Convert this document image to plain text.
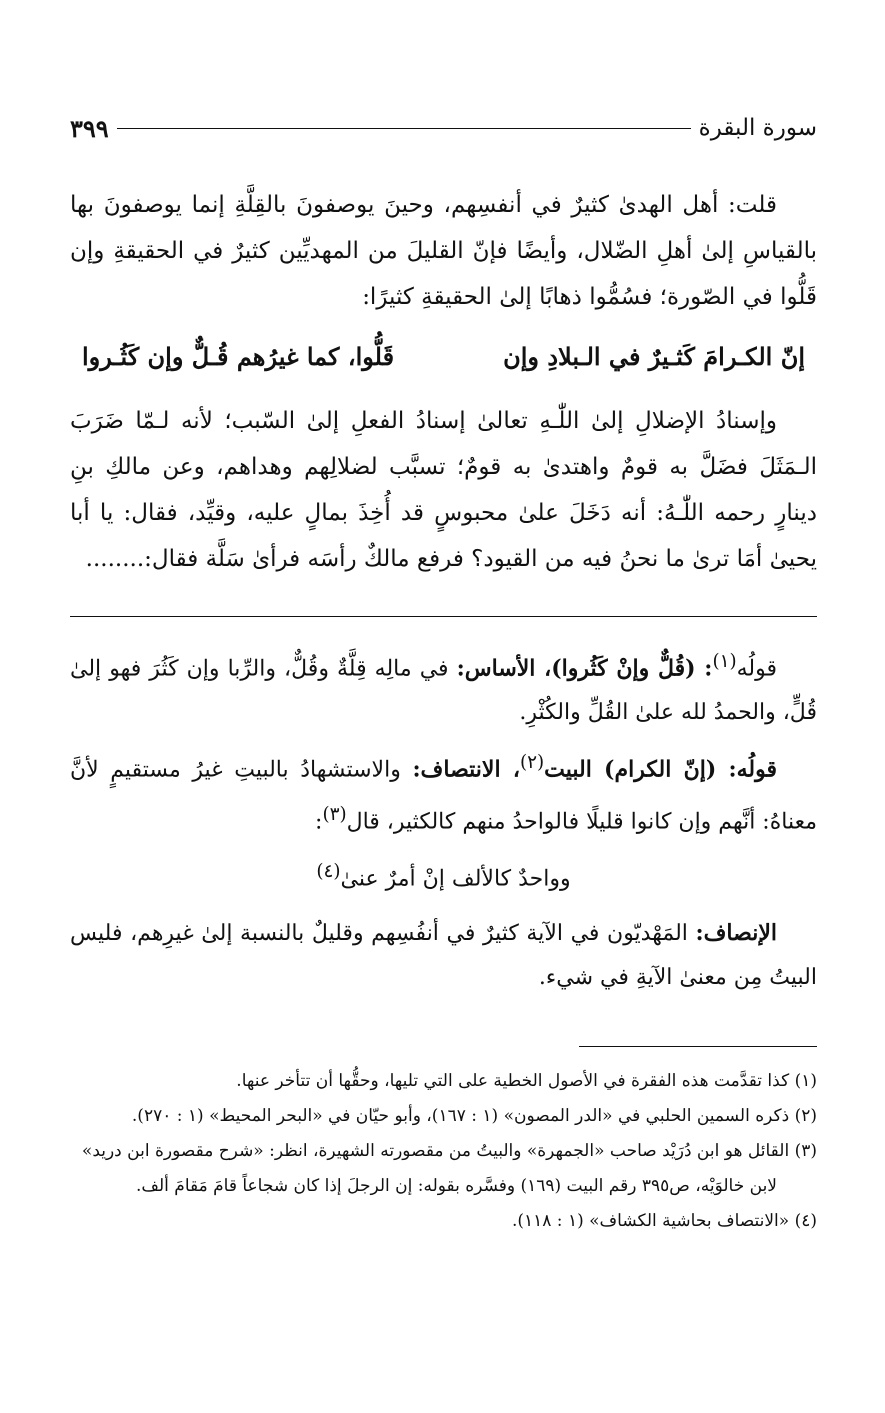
سورة البقرة
٣٩٩

قلت: أهل الهدىٰ كثيرٌ في أنفسِهم، وحينَ يوصفونَ بالقِلَّةِ إنما يوصفونَ بها بالقياسِ إلىٰ أهلِ الضّلال، وأيضًا فإنّ القليلَ من المهديِّين كثيرٌ في الحقيقةِ وإن قَلُّوا في الصّورة؛ فسُمُّوا ذهابًا إلىٰ الحقيقةِ كثيرًا:

إنّ الكـرامَ كَثـيرٌ في الـبلادِ وإن
قَلُّوا، كما غيرُهم قُـلٌّ وإن كَثُـروا

وإسنادُ الإضلالِ إلىٰ اللّٰـهِ تعالىٰ إسنادُ الفعلِ إلىٰ السّبب؛ لأنه لـمّا ضَرَبَ الـمَثَلَ فضَلَّ به قومٌ واهتدىٰ به قومٌ؛ تسبَّب لضلالِهم وهداهم، وعن مالكِ بنِ دينارٍ رحمه اللّٰـهُ: أنه دَخَلَ علىٰ محبوسٍ قد أُخِذَ بمالٍ عليه، وقيِّد، فقال: يا أبا يحيىٰ أمَا ترىٰ ما نحنُ فيه من القيود؟ فرفع مالكٌ رأسَه فرأىٰ سَلَّة فقال:........

قولُه$^{(١)}$: (قُلٌّ وإنْ كَثُروا)، الأساس: في مالِه قِلَّةٌ وقُلٌّ، والرِّبا وإن كَثُرَ فهو إلىٰ قُلٍّ، والحمدُ لله علىٰ القُلِّ والكُثْرِ.

قولُه: (إنّ الكرام) البيت$^{(٢)}$، الانتصاف: والاستشهادُ بالبيتِ غيرُ مستقيمٍ لأنَّ معناهُ: أنَّهم وإن كانوا قليلًا فالواحدُ منهم كالكثير، قال$^{(٣)}$:

وواحدٌ كالألف إنْ أمرٌ عنىٰ$^{(٤)}$

الإنصاف: المَهْديّون في الآية كثيرٌ في أنفُسِهم وقليلٌ بالنسبة إلىٰ غيرِهم، فليس البيتُ مِن معنىٰ الآيةِ في شيء.

(١) كذا تقدَّمت هذه الفقرة في الأصول الخطية على التي تليها، وحقُّها أن تتأخر عنها.

(٢) ذكره السمين الحلبي في «الدر المصون» (١ : ١٦٧)، وأبو حيّان في «البحر المحيط» (١ : ٢٧٠).

(٣) القائل هو ابن دُرَيْد صاحب «الجمهرة» والبيتُ من مقصورته الشهيرة، انظر: «شرح مقصورة ابن دريد»

لابن خالوَيْه، ص٣٩٥ رقم البيت (١٦٩) وفسَّره بقوله: إن الرجلَ إذا كان شجاعاً قامَ مَقامَ ألف.

(٤) «الانتصاف بحاشية الكشاف» (١ : ١١٨).
